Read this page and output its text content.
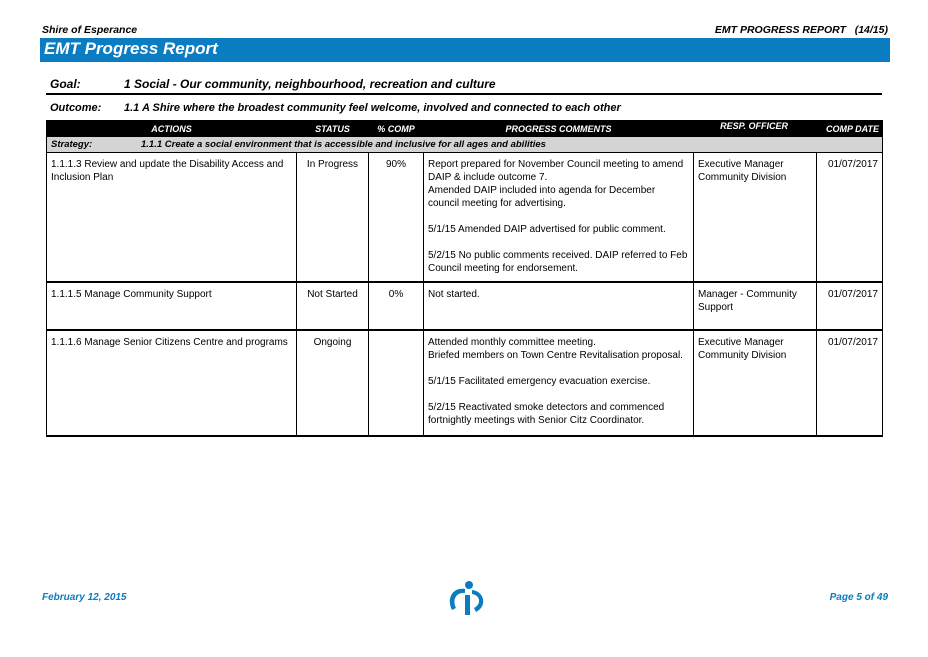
Shire of Esperance	EMT PROGRESS REPORT (14/15)
EMT Progress Report
Goal:	1 Social - Our community, neighbourhood, recreation and culture
Outcome: 1.1 A Shire where the broadest community feel welcome, involved and connected to each other
ACTIONS	STATUS	% COMP	PROGRESS COMMENTS	RESP. OFFICER	COMP DATE
Strategy: 1.1.1 Create a social environment that is accessible and inclusive for all ages and abilities					
1.1.1.3 Review and update the Disability Access and Inclusion Plan	In Progress	90%	Report prepared for November Council meeting to amend DAIP & include outcome 7.
Amended DAIP included into agenda for December council meeting for advertising.

5/1/15 Amended DAIP advertised for public comment.

5/2/15 No public comments received. DAIP referred to Feb Council meeting for endorsement.	Executive Manager Community Division	01/07/2017
1.1.1.5 Manage Community Support	Not Started	0%	Not started.	Manager - Community Support	01/07/2017
1.1.1.6 Manage Senior Citizens Centre and programs	Ongoing		Attended monthly committee meeting.
Briefed members on Town Centre Revitalisation proposal.

5/1/15 Facilitated emergency evacuation exercise.

5/2/15 Reactivated smoke detectors and commenced fortnightly meetings with Senior Citz Coordinator.	Executive Manager Community Division	01/07/2017
February 12, 2015	Page 5 of 49
